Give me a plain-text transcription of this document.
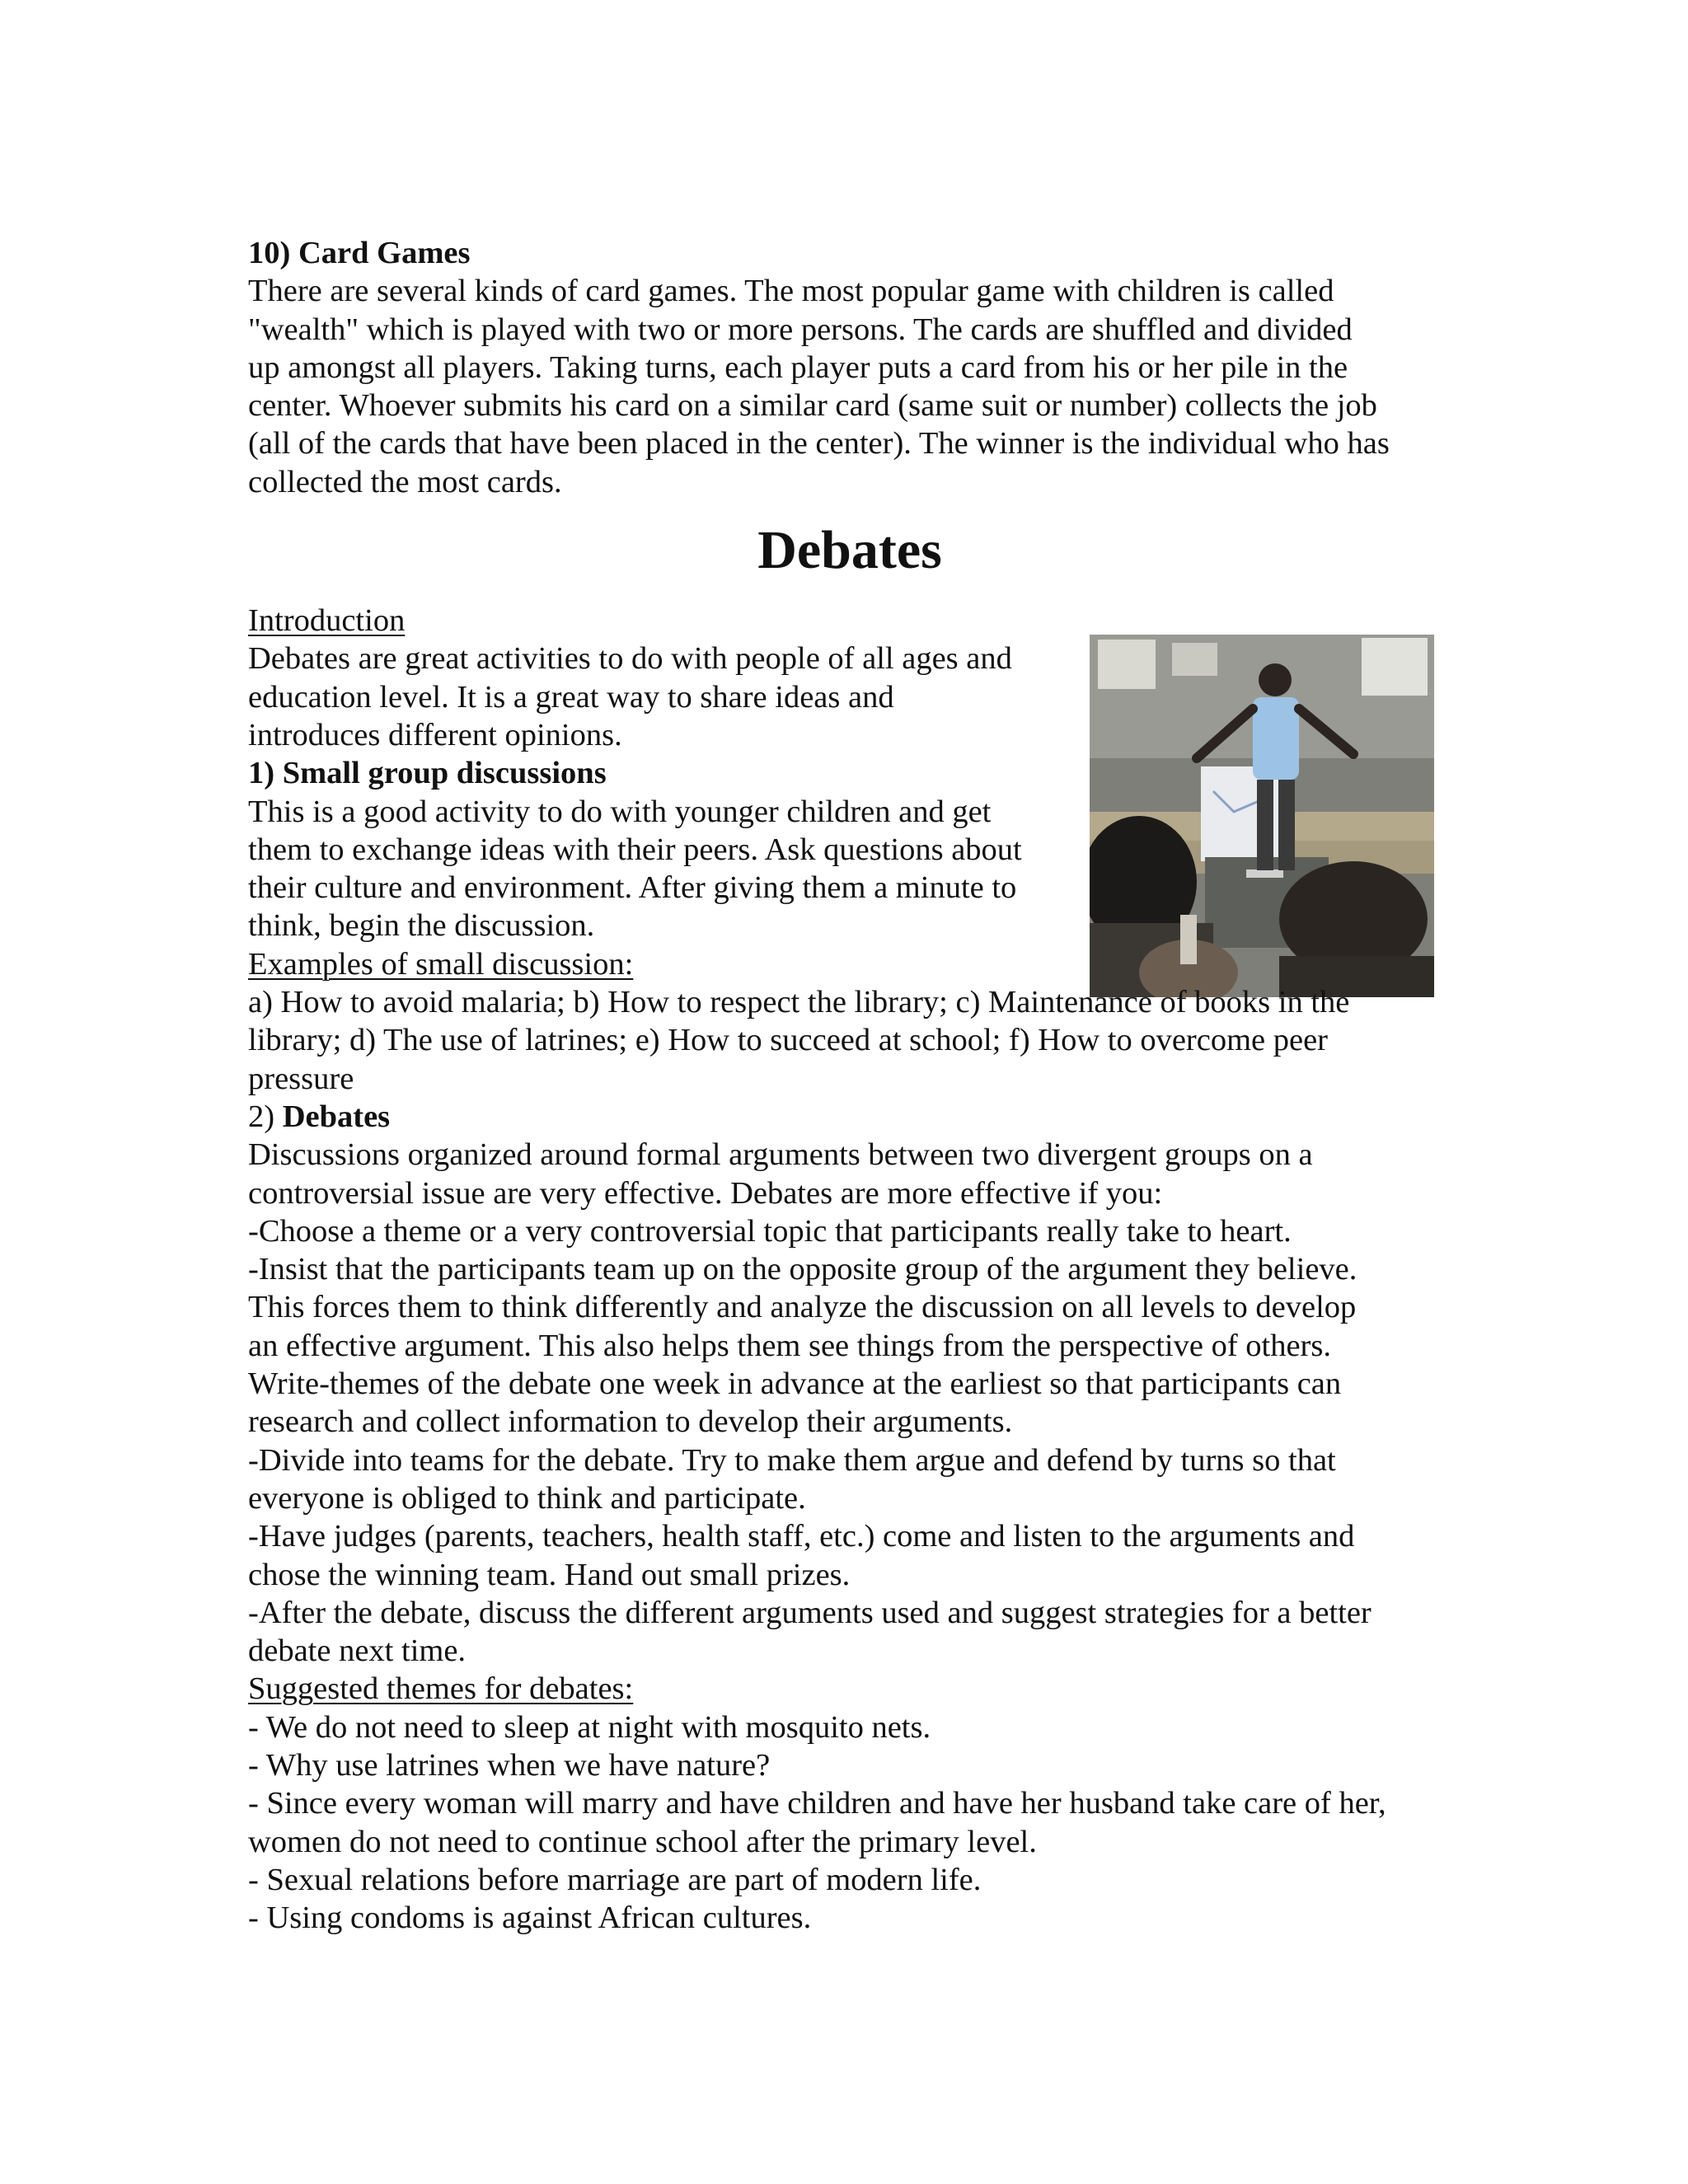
10) Card Games

There are several kinds of card games. The most popular game with children is called
"wealth" which is played with two or more persons. The cards are shuffled and divided
up amongst all players. Taking turns, each player puts a card from his or her pile in the
center. Whoever submits his card on a similar card (same suit or number) collects the job
(all of the cards that have been placed in the center). The winner is the individual who has
collected the most cards.

Debates

Introduction
Debates are great activities to do with people of all ages and
education level. It is a great way to share ideas and
introduces different opinions.
1) Small group discussions
This is a good activity to do with younger children and get
them to exchange ideas with their peers. Ask questions about
their culture and environment. After giving them a minute to
think, begin the discussion.
Examples of small discussion:
a) How to avoid malaria; b) How to respect the library; c) Maintenance of books in the
library; d) The use of latrines; e) How to succeed at school; f) How to overcome peer
pressure
2) Debates
Discussions organized around formal arguments between two divergent groups on a
controversial issue are very effective. Debates are more effective if you:
-Choose a theme or a very controversial topic that participants really take to heart.
-Insist that the participants team up on the opposite group of the argument they believe.
This forces them to think differently and analyze the discussion on all levels to develop
an effective argument. This also helps them see things from the perspective of others.
Write-themes of the debate one week in advance at the earliest so that participants can
research and collect information to develop their arguments.
-Divide into teams for the debate. Try to make them argue and defend by turns so that
everyone is obliged to think and participate.
-Have judges (parents, teachers, health staff, etc.) come and listen to the arguments and
chose the winning team. Hand out small prizes.
-After the debate, discuss the different arguments used and suggest strategies for a better
debate next time.
Suggested themes for debates:
- We do not need to sleep at night with mosquito nets.
- Why use latrines when we have nature?
- Since every woman will marry and have children and have her husband take care of her,
women do not need to continue school after the primary level.
- Sexual relations before marriage are part of modern life.
- Using condoms is against African cultures.
